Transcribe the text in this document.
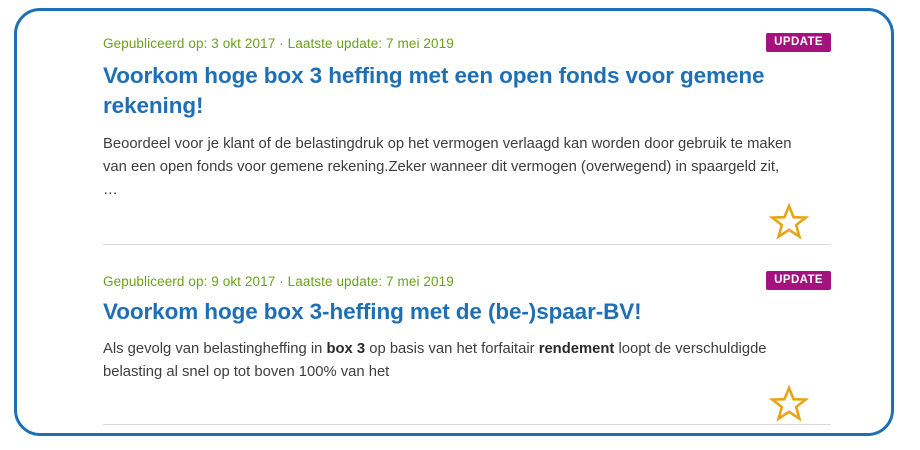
Gepubliceerd op: 3 okt 2017 · Laatste update: 7 mei 2019	UPDATE
Voorkom hoge box 3 heffing met een open fonds voor gemene rekening!

Beoordeel voor je klant of de belastingdruk op het vermogen verlaagd kan worden door gebruik te maken van een open fonds voor gemene rekening.Zeker wanneer dit vermogen (overwegend) in spaargeld zit, …

Gepubliceerd op: 9 okt 2017 · Laatste update: 7 mei 2019	UPDATE
Voorkom hoge box 3-heffing met de (be-)spaar-BV!

Als gevolg van belastingheffing in box 3 op basis van het forfaitair rendement loopt de verschuldigde belasting al snel op tot boven 100% van het
